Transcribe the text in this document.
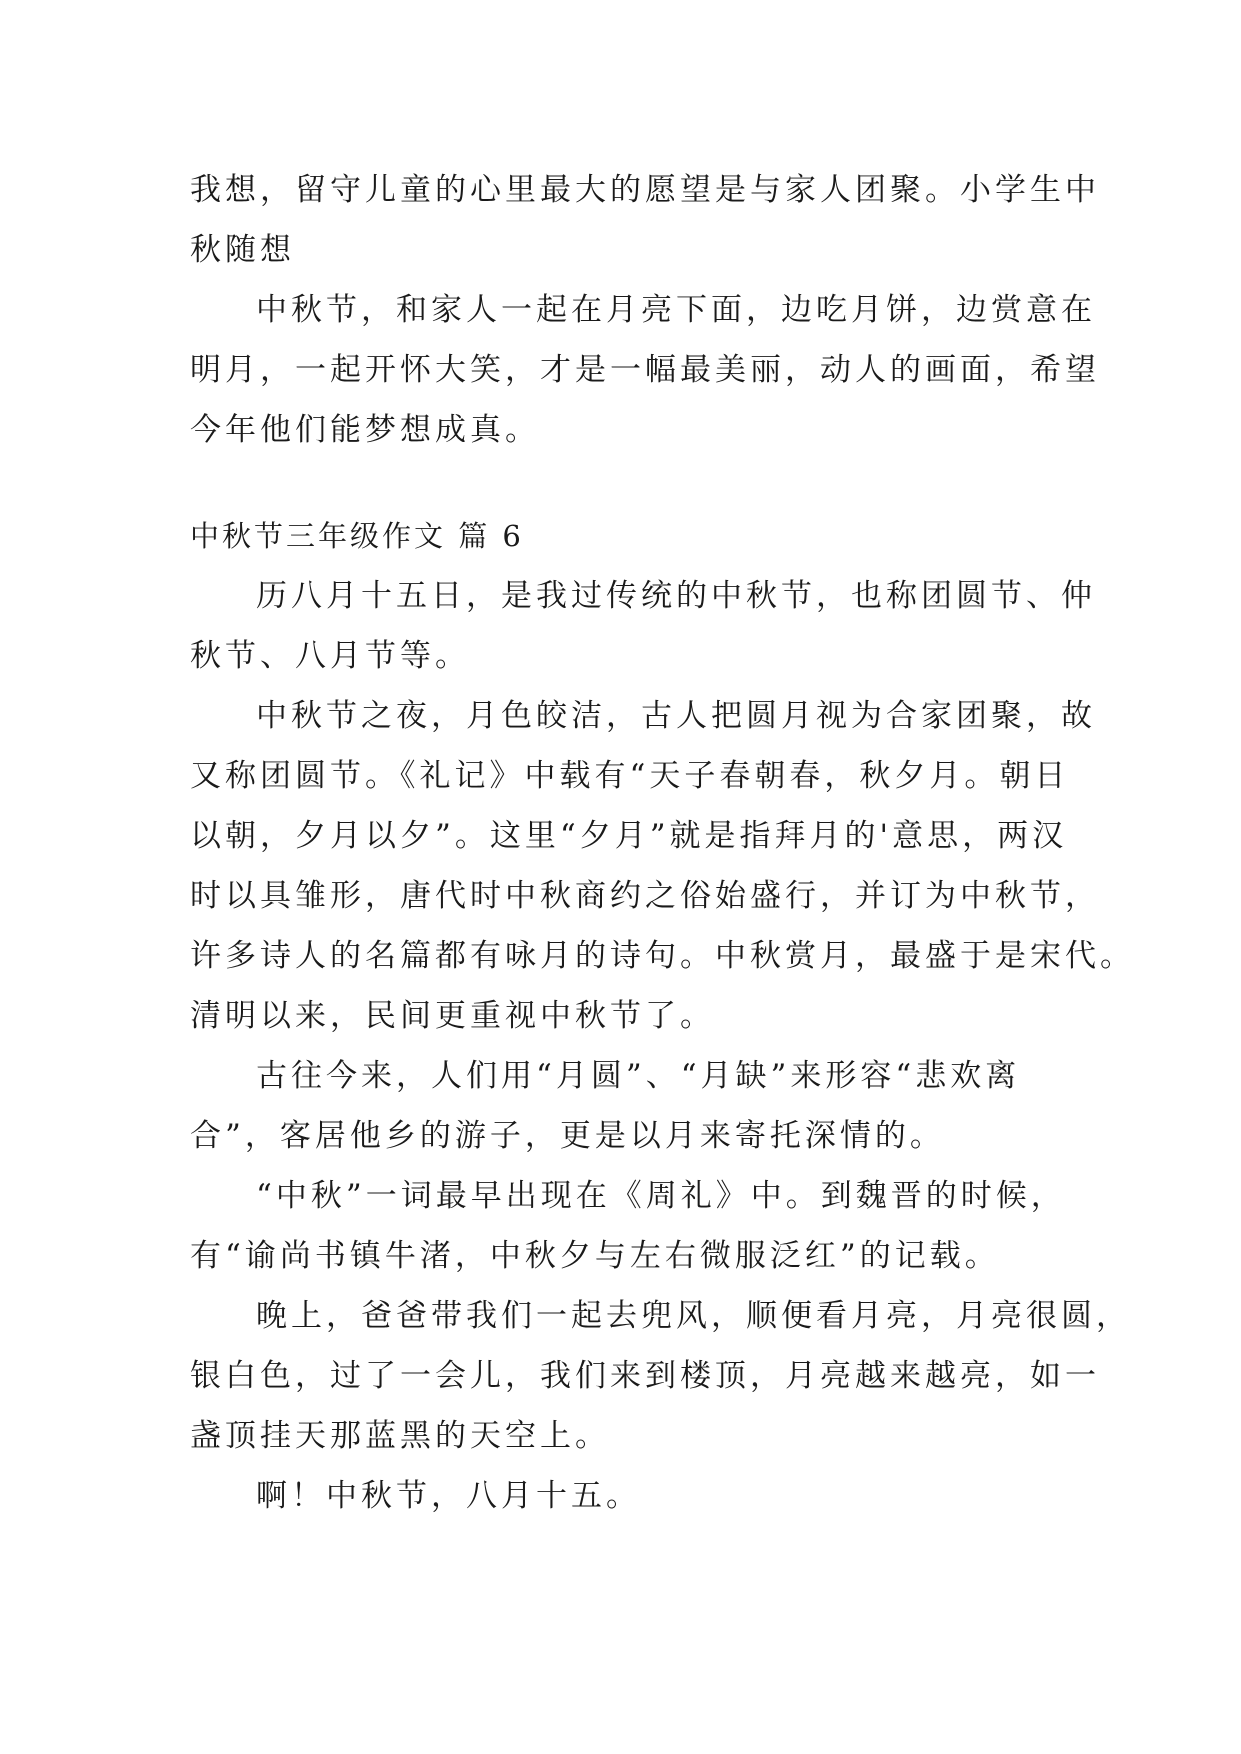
我想，留守儿童的心里最大的愿望是与家人团聚。小学生中

秋随想

中秋节，和家人一起在月亮下面，边吃月饼，边赏意在

明月，一起开怀大笑，才是一幅最美丽，动人的画面，希望

今年他们能梦想成真。

中秋节三年级作文 篇 6

历八月十五日，是我过传统的中秋节，也称团圆节、仲

秋节、八月节等。

中秋节之夜，月色皎洁，古人把圆月视为合家团聚，故

又称团圆节。《礼记》中载有“天子春朝春，秋夕月。朝日

以朝，夕月以夕”。这里“夕月”就是指拜月的'意思，两汉

时以具雏形，唐代时中秋商约之俗始盛行，并订为中秋节，

许多诗人的名篇都有咏月的诗句。中秋赏月，最盛于是宋代。

清明以来，民间更重视中秋节了。

古往今来，人们用“月圆”、“月缺”来形容“悲欢离

合”，客居他乡的游子，更是以月来寄托深情的。

“中秋”一词最早出现在《周礼》中。到魏晋的时候，

有“谕尚书镇牛渚，中秋夕与左右微服泛红”的记载。

晚上，爸爸带我们一起去兜风，顺便看月亮，月亮很圆，

银白色，过了一会儿，我们来到楼顶，月亮越来越亮，如一

盏顶挂天那蓝黑的天空上。

啊！中秋节，八月十五。
